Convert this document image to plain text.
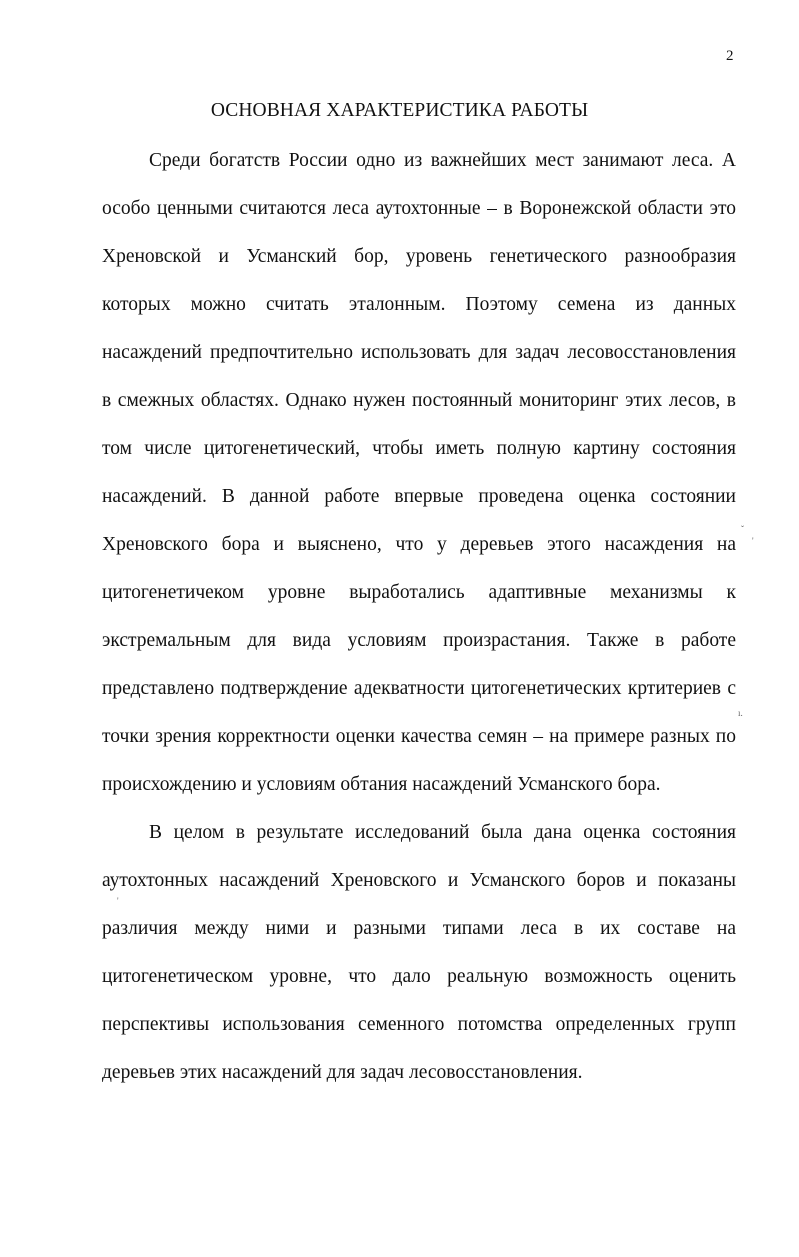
2
ОСНОВНАЯ ХАРАКТЕРИСТИКА РАБОТЫ
Среди богатств России одно из важнейших мест занимают леса. А
особо ценными считаются леса аутохтонные – в Воронежской области это
Хреновской и Усманский бор, уровень генетического разнообразия
которых можно считать эталонным. Поэтому семена из данных
насаждений предпочтительно использовать для задач лесовосстановления
в смежных областях. Однако нужен постоянный мониторинг этих лесов, в
том числе цитогенетический, чтобы иметь полную картину состояния
насаждений. В данной работе впервые проведена оценка состоянии
Хреновского бора и выяснено, что у деревьев этого насаждения на
цитогенетичеком уровне выработались адаптивные механизмы к
экстремальным для вида условиям произрастания. Также в работе
представлено подтверждение адекватности цитогенетических кртитериев с
точки зрения корректности оценки качества семян – на примере разных по
происхождению и условиям обтания насаждений Усманского бора.
В целом в результате исследований была дана оценка состояния
аутохтонных насаждений Хреновского и Усманского боров и показаны
различия между ними и разными типами леса в их составе на
цитогенетическом уровне, что дало реальную возможность оценить
перспективы использования семенного потомства определенных групп
деревьев этих насаждений для задач лесовосстановления.
ˇ
'
ı.
'
